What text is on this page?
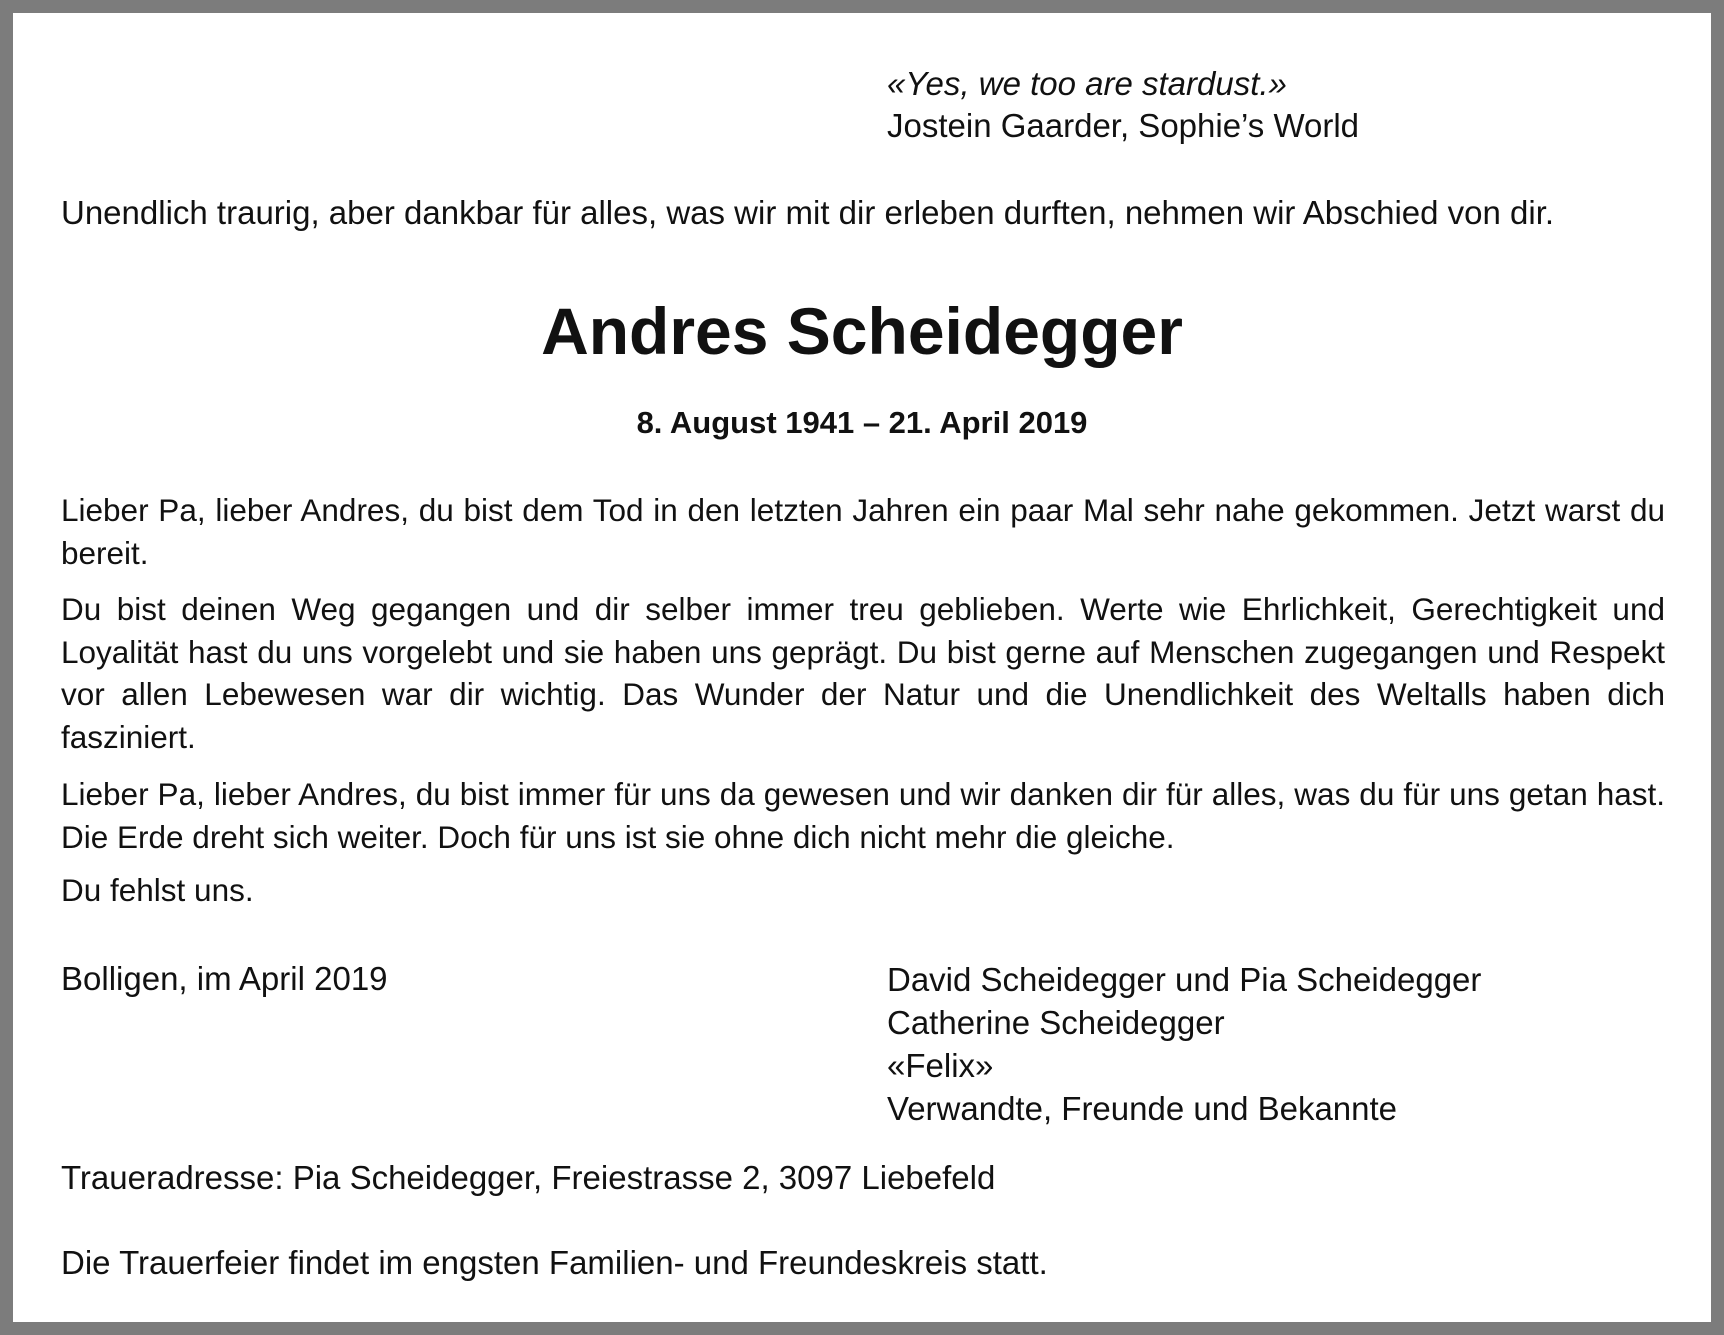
«Yes, we too are stardust.»
Jostein Gaarder, Sophie’s World
Unendlich traurig, aber dankbar für alles, was wir mit dir erleben durften, nehmen wir Abschied von dir.
Andres Scheidegger
8. August 1941 – 21. April 2019

Lieber Pa, lieber Andres, du bist dem Tod in den letzten Jahren ein paar Mal sehr nahe gekommen. Jetzt warst du bereit.

Du bist deinen Weg gegangen und dir selber immer treu geblieben. Werte wie Ehrlichkeit, Gerechtigkeit und Loyalität hast du uns vorgelebt und sie haben uns geprägt. Du bist gerne auf Menschen zugegangen und Respekt vor allen Lebewesen war dir wichtig. Das Wunder der Natur und die Unendlichkeit des Weltalls haben dich fasziniert.

Lieber Pa, lieber Andres, du bist immer für uns da gewesen und wir danken dir für alles, was du für uns getan hast. Die Erde dreht sich weiter. Doch für uns ist sie ohne dich nicht mehr die gleiche.

Du fehlst uns.

Bolligen, im April 2019	David Scheidegger und Pia Scheidegger
Catherine Scheidegger
«Felix»
Verwandte, Freunde und Bekannte
Traueradresse: Pia Scheidegger, Freiestrasse 2, 3097 Liebefeld
Die Trauerfeier findet im engsten Familien- und Freundeskreis statt.
